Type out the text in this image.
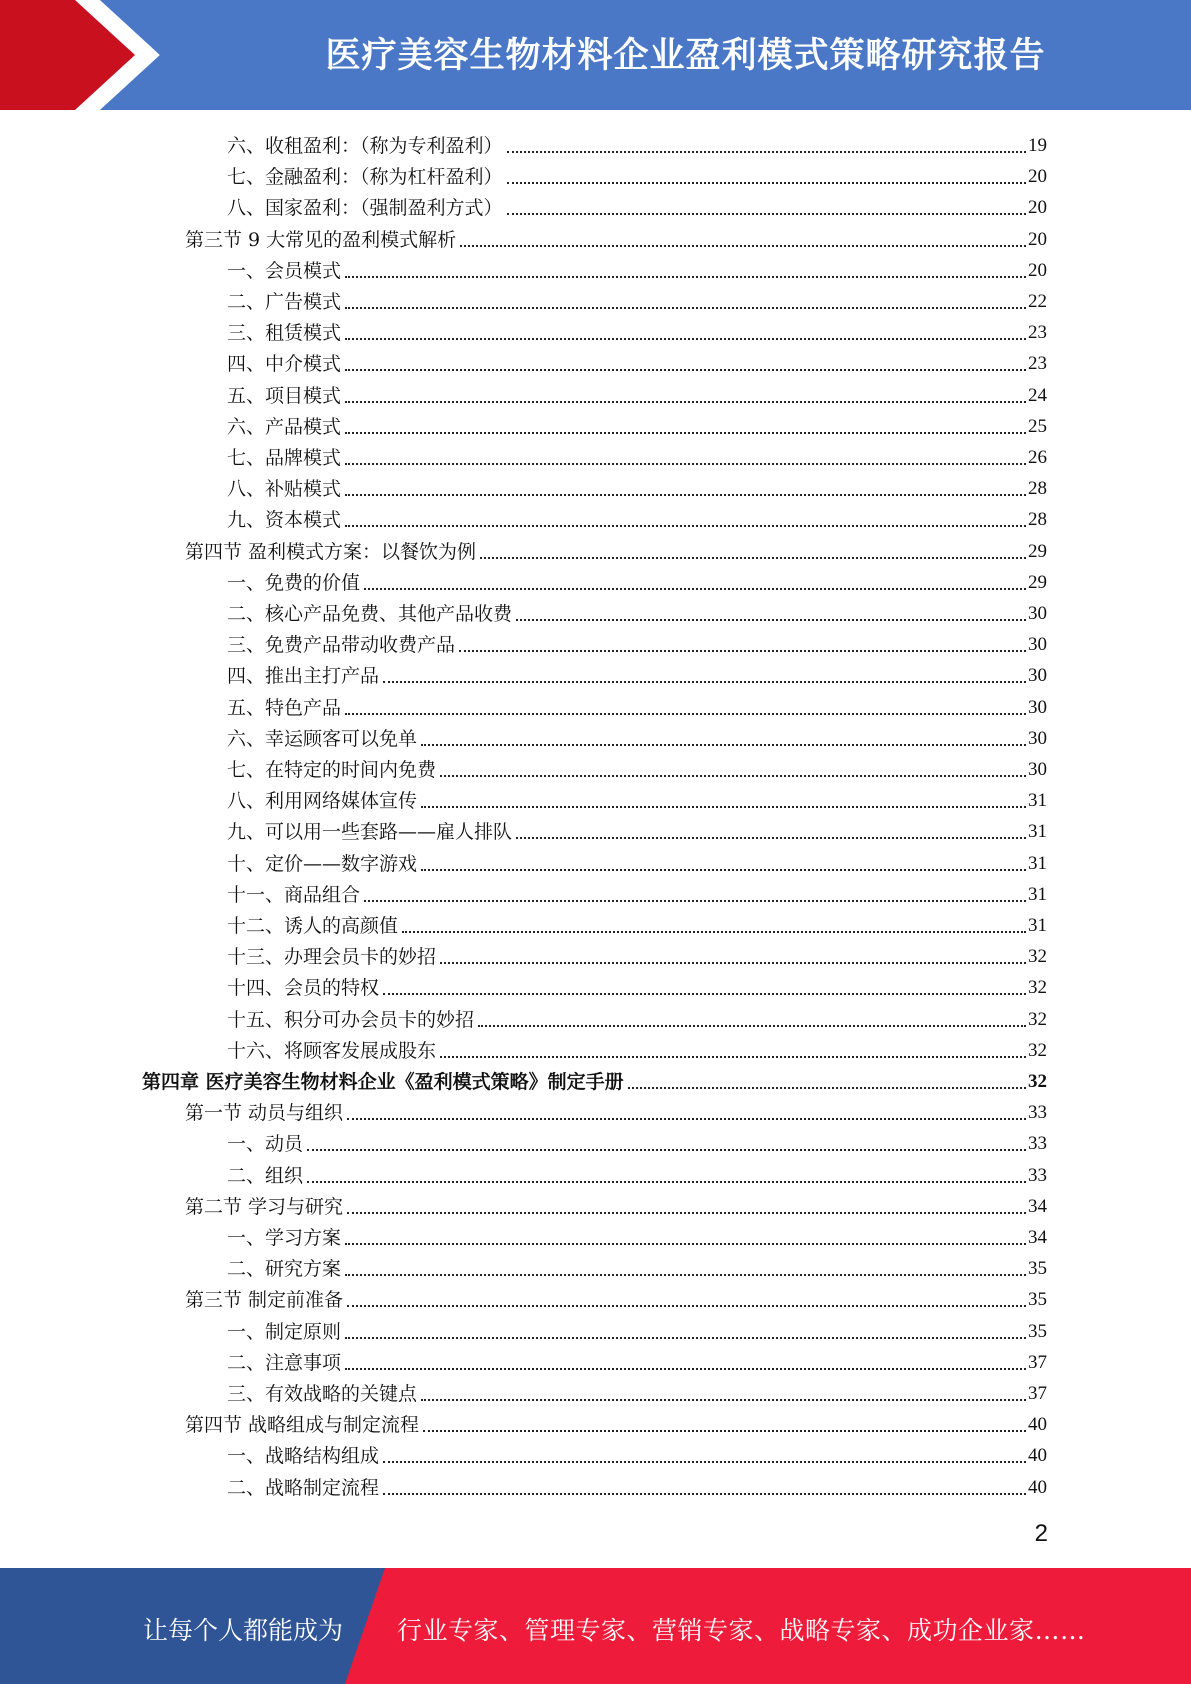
医疗美容生物材料企业盈利模式策略研究报告
六、收租盈利：（称为专利盈利）	19
七、金融盈利：（称为杠杆盈利）	20
八、国家盈利：（强制盈利方式）	20
第三节 9 大常见的盈利模式解析	20
一、会员模式	20
二、广告模式	22
三、租赁模式	23
四、中介模式	23
五、项目模式	24
六、产品模式	25
七、品牌模式	26
八、补贴模式	28
九、资本模式	28
第四节 盈利模式方案：以餐饮为例	29
一、免费的价值	29
二、核心产品免费、其他产品收费	30
三、免费产品带动收费产品	30
四、推出主打产品	30
五、特色产品	30
六、幸运顾客可以免单	30
七、在特定的时间内免费	30
八、利用网络媒体宣传	31
九、可以用一些套路——雇人排队	31
十、定价——数字游戏	31
十一、商品组合	31
十二、诱人的高颜值	31
十三、办理会员卡的妙招	32
十四、会员的特权	32
十五、积分可办会员卡的妙招	32
十六、将顾客发展成股东	32
第四章 医疗美容生物材料企业《盈利模式策略》制定手册	32
第一节 动员与组织	33
一、动员	33
二、组织	33
第二节 学习与研究	34
一、学习方案	34
二、研究方案	35
第三节 制定前准备	35
一、制定原则	35
二、注意事项	37
三、有效战略的关键点	37
第四节 战略组成与制定流程	40
一、战略结构组成	40
二、战略制定流程	40
2
让每个人都能成为 行业专家、管理专家、营销专家、战略专家、成功企业家……
